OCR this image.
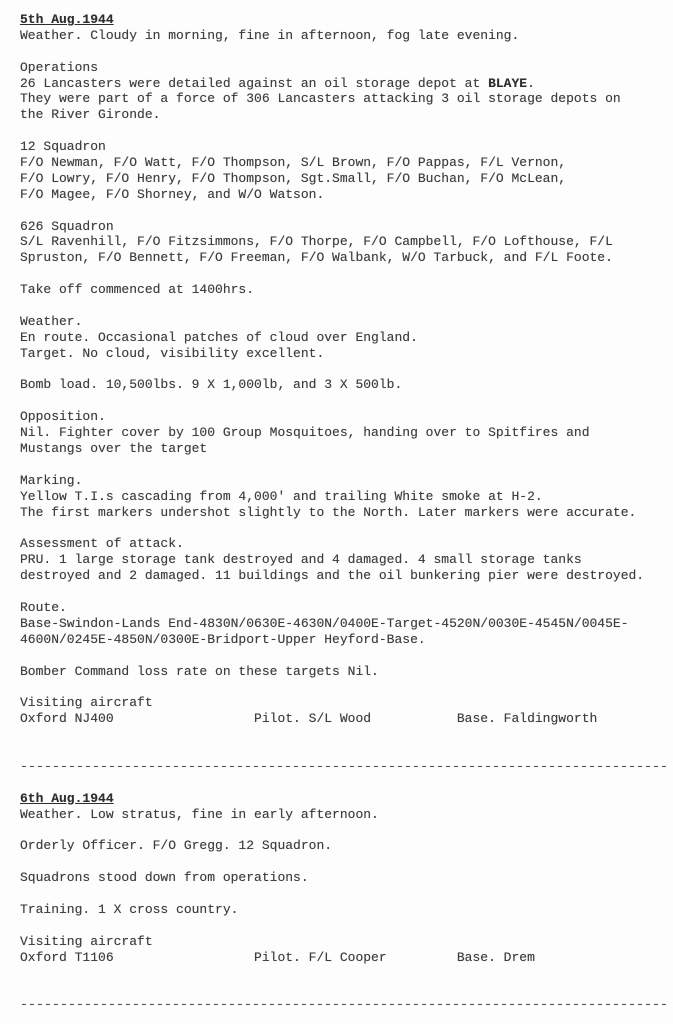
5th Aug.1944
Weather. Cloudy in morning, fine in afternoon, fog late evening.

Operations
26 Lancasters were detailed against an oil storage depot at BLAYE.
They were part of a force of 306 Lancasters attacking 3 oil storage depots on
the River Gironde.

12 Squadron
F/O Newman, F/O Watt, F/O Thompson, S/L Brown, F/O Pappas, F/L Vernon,
F/O Lowry, F/O Henry, F/O Thompson, Sgt.Small, F/O Buchan, F/O McLean,
F/O Magee, F/O Shorney, and W/O Watson.

626 Squadron
S/L Ravenhill, F/O Fitzsimmons, F/O Thorpe, F/O Campbell, F/O Lofthouse, F/L
Spruston, F/O Bennett, F/O Freeman, F/O Walbank, W/O Tarbuck, and F/L Foote.

Take off commenced at 1400hrs.

Weather.
En route. Occasional patches of cloud over England.
Target. No cloud, visibility excellent.

Bomb load. 10,500lbs. 9 X 1,000lb, and 3 X 500lb.

Opposition.
Nil. Fighter cover by 100 Group Mosquitoes, handing over to Spitfires and
Mustangs over the target

Marking.
Yellow T.I.s cascading from 4,000' and trailing White smoke at H-2.
The first markers undershot slightly to the North. Later markers were accurate.

Assessment of attack.
PRU. 1 large storage tank destroyed and 4 damaged. 4 small storage tanks
destroyed and 2 damaged. 11 buildings and the oil bunkering pier were destroyed.

Route.
Base-Swindon-Lands End-4830N/0630E-4630N/0400E-Target-4520N/0030E-4545N/0045E-
4600N/0245E-4850N/0300E-Bridport-Upper Heyford-Base.

Bomber Command loss rate on these targets Nil.

Visiting aircraft
Oxford NJ400                  Pilot. S/L Wood           Base. Faldingworth

---------------------------------------------------------------------------------

6th Aug.1944
Weather. Low stratus, fine in early afternoon.

Orderly Officer. F/O Gregg. 12 Squadron.

Squadrons stood down from operations.

Training. 1 X cross country.

Visiting aircraft
Oxford T1106                  Pilot. F/L Cooper         Base. Drem

---------------------------------------------------------------------------------
